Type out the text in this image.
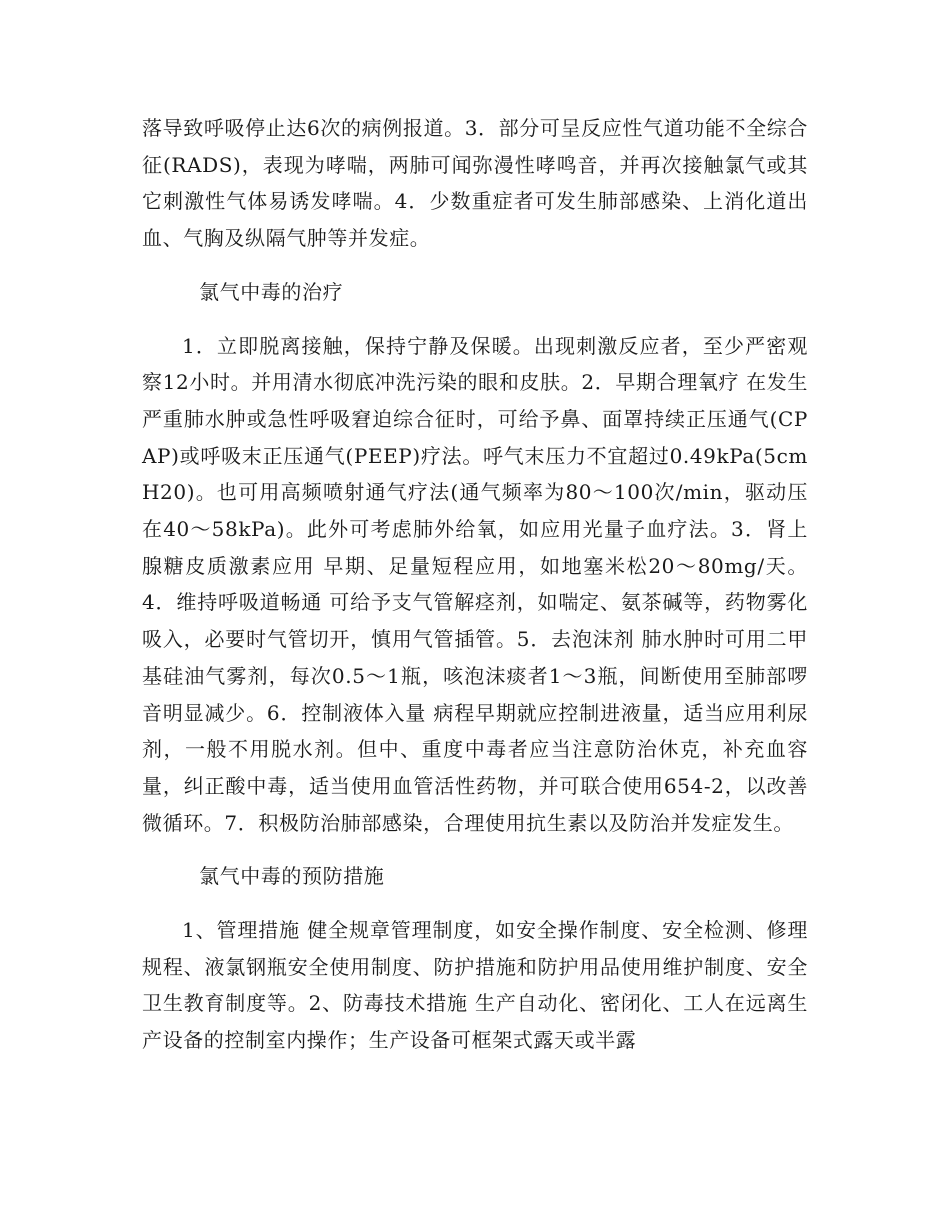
落导致呼吸停止达6次的病例报道。3．部分可呈反应性气道功能不全综合征(RADS)，表现为哮喘，两肺可闻弥漫性哮鸣音，并再次接触氯气或其它刺激性气体易诱发哮喘。4．少数重症者可发生肺部感染、上消化道出血、气胸及纵隔气肿等并发症。

氯气中毒的治疗

1．立即脱离接触，保持宁静及保暖。出现刺激反应者，至少严密观察12小时。并用清水彻底冲洗污染的眼和皮肤。2．早期合理氧疗 在发生严重肺水肿或急性呼吸窘迫综合征时，可给予鼻、面罩持续正压通气(CPAP)或呼吸末正压通气(PEEP)疗法。呼气末压力不宜超过0.49kPa(5cmH20)。也可用高频喷射通气疗法(通气频率为80～100次/min，驱动压在40～58kPa)。此外可考虑肺外给氧，如应用光量子血疗法。3．肾上腺糖皮质激素应用 早期、足量短程应用，如地塞米松20～80mg/天。4．维持呼吸道畅通 可给予支气管解痉剂，如喘定、氨茶碱等，药物雾化吸入，必要时气管切开，慎用气管插管。5．去泡沫剂 肺水肿时可用二甲基硅油气雾剂，每次0.5～1瓶，咳泡沫痰者1～3瓶，间断使用至肺部啰音明显减少。6．控制液体入量 病程早期就应控制进液量，适当应用利尿剂，一般不用脱水剂。但中、重度中毒者应当注意防治休克，补充血容量，纠正酸中毒，适当使用血管活性药物，并可联合使用654-2，以改善微循环。7．积极防治肺部感染，合理使用抗生素以及防治并发症发生。

氯气中毒的预防措施

1、管理措施 健全规章管理制度，如安全操作制度、安全检测、修理规程、液氯钢瓶安全使用制度、防护措施和防护用品使用维护制度、安全卫生教育制度等。2、防毒技术措施 生产自动化、密闭化、工人在远离生产设备的控制室内操作；生产设备可框架式露天或半露
